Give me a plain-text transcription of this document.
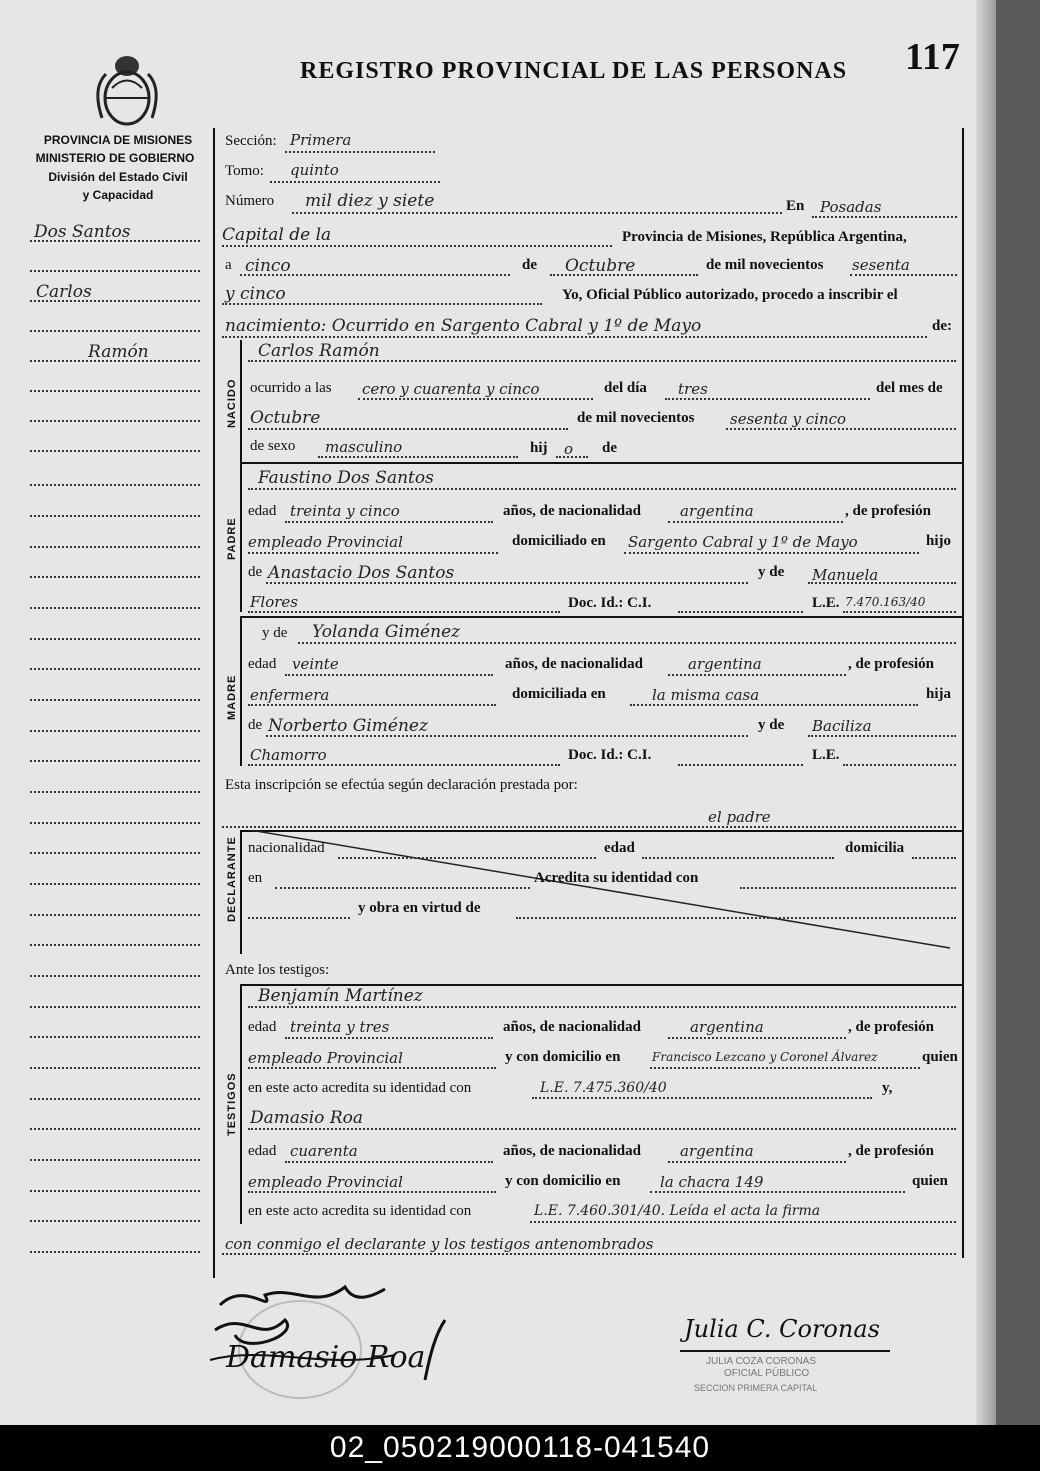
REGISTRO PROVINCIAL DE LAS PERSONAS 117
PROVINCIA DE MISIONES
MINISTERIO DE GOBIERNO
División del Estado Civil
y Capacidad
Dos Santos
Carlos
Ramón
Sección: Primera
Tomo: quinto
Número mil diez y siete	En Posadas
Capital de la	Provincia de Misiones, República Argentina,
a cinco	de Octubre	de mil novecientos sesenta
y cinco	Yo, Oficial Público autorizado, procedo a inscribir el
nacimiento: Ocurrido en Sargento Cabral y 1º de Mayo	de:
NACIDO
Carlos Ramón
ocurrido a las cero y cuarenta y cinco	del día tres	del mes de
Octubre	de mil novecientos sesenta y cinco
de sexo masculino	hij o de
PADRE
Faustino Dos Santos
edad treinta y cinco	años, de nacionalidad	argentina	, de profesión
empleado Provincial	domiciliado en Sargento Cabral y 1º de Mayo	hijo
de Anastacio Dos Santos	y de Manuela
Flores	Doc. Id.: C.I.	L.E. 7.470.163/40
MADRE
y de Yolanda Giménez
edad veinte	años, de nacionalidad	argentina	, de profesión
enfermera	domiciliada en	la misma casa	hija
de Norberto Giménez	y de Baciliza
Chamorro	Doc. Id.: C.I.	L.E.
Esta inscripción se efectúa según declaración prestada por:
el padre
DECLARANTE nacionalidad	edad	domicilia
en	Acredita su identidad con
y obra en virtud de
Ante los testigos:
TESTIGOS
Benjamín Martínez
edad treinta y tres	años, de nacionalidad	argentina	, de profesión
empleado Provincial	y con domicilio en	Francisco Lezcano y Coronel Álvarez	quien
en este acto acredita su identidad con	L.E. 7.475.360/40	y,
Damasio Roa
edad cuarenta	años, de nacionalidad	argentina	, de profesión
empleado Provincial	y con domicilio en	la chacra 149	quien
en este acto acredita su identidad con	L.E. 7.460.301/40. Leída el acta la firma
con conmigo el declarante y los testigos antenombrados
Damasio Roa
Julia C. Coronas
JULIA COZA CORONAS
OFICIAL PÚBLICO
SECCION PRIMERA CAPITAL
02_050219000118-041540
